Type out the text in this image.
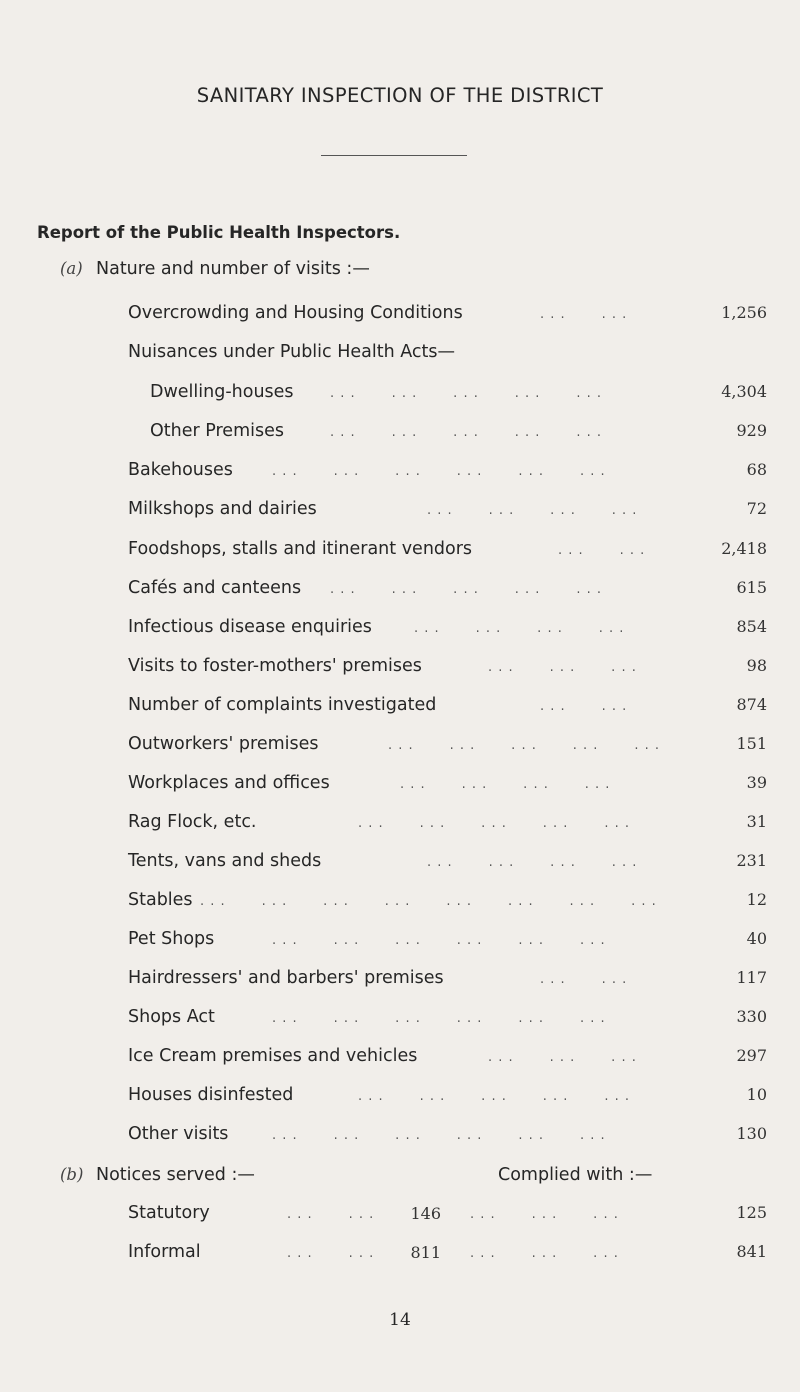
SANITARY INSPECTION OF THE DISTRICT
Report of the Public Health Inspectors.
(a) Nature and number of visits :—
Overcrowding and Housing Conditions	. . .       . . .	1,256
Nuisances under Public Health Acts—
Dwelling-houses	. . .       . . .       . . .       . . .       . . .	4,304
Other Premises	. . .       . . .       . . .       . . .       . . .	929
Bakehouses	. . .       . . .       . . .       . . .       . . .       . . .	68
Milkshops and dairies	. . .       . . .       . . .       . . .	72
Foodshops, stalls and itinerant vendors	. . .       . . .	2,418
Cafés and canteens . . .       . . .       . . .       . . .       . . .	615
Infectious disease enquiries	. . .       . . .       . . .       . . .	854
Visits to foster-mothers' premises	. . .       . . .       . . .	98
Number of complaints investigated	. . .       . . .	874
Outworkers' premises	. . .       . . .       . . .       . . .       . . .	151
Workplaces and offices	. . .       . . .       . . .       . . .	39
Rag Flock, etc.	. . .       . . .       . . .       . . .       . . .	31
Tents, vans and sheds	. . .       . . .       . . .       . . .	231
Stables . . .       . . .       . . .       . . .       . . .       . . .       . . .       . . .	12
Pet Shops	. . .       . . .       . . .       . . .       . . .       . . .	40
Hairdressers' and barbers' premises	. . .       . . .	117
Shops Act	. . .       . . .       . . .       . . .       . . .       . . .	330
Ice Cream premises and vehicles	. . .       . . .       . . .	297
Houses disinfested	. . .       . . .       . . .       . . .       . . .	10
Other visits	. . .       . . .       . . .       . . .       . . .       . . .	130
(b) Notices served :—	Complied with :—
Statutory	. . .       . . .	146 . . .       . . .       . . .	125
Informal	. . .       . . .	811 . . .       . . .       . . .	841
14
